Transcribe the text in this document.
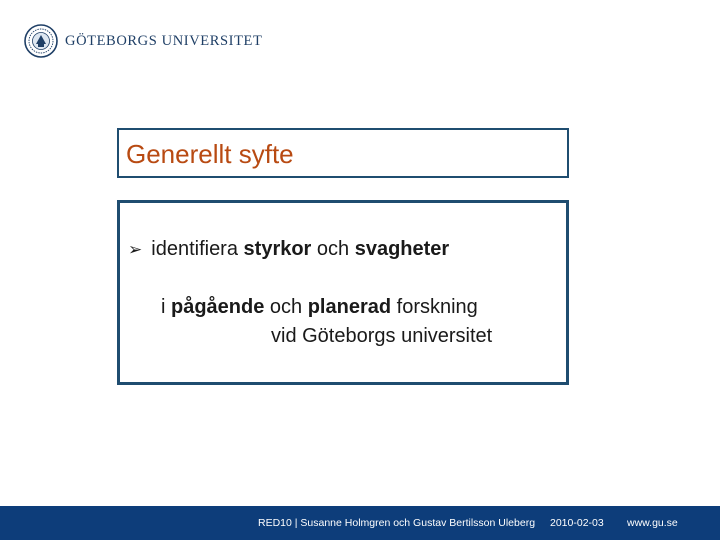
GÖTEBORGS UNIVERSITET
Generellt syfte
➢ identifiera styrkor och svagheter
i pågående och planerad forskning
vid Göteborgs universitet
RED10 | Susanne Holmgren och Gustav Bertilsson Uleberg 2010-02-03 www.gu.se
